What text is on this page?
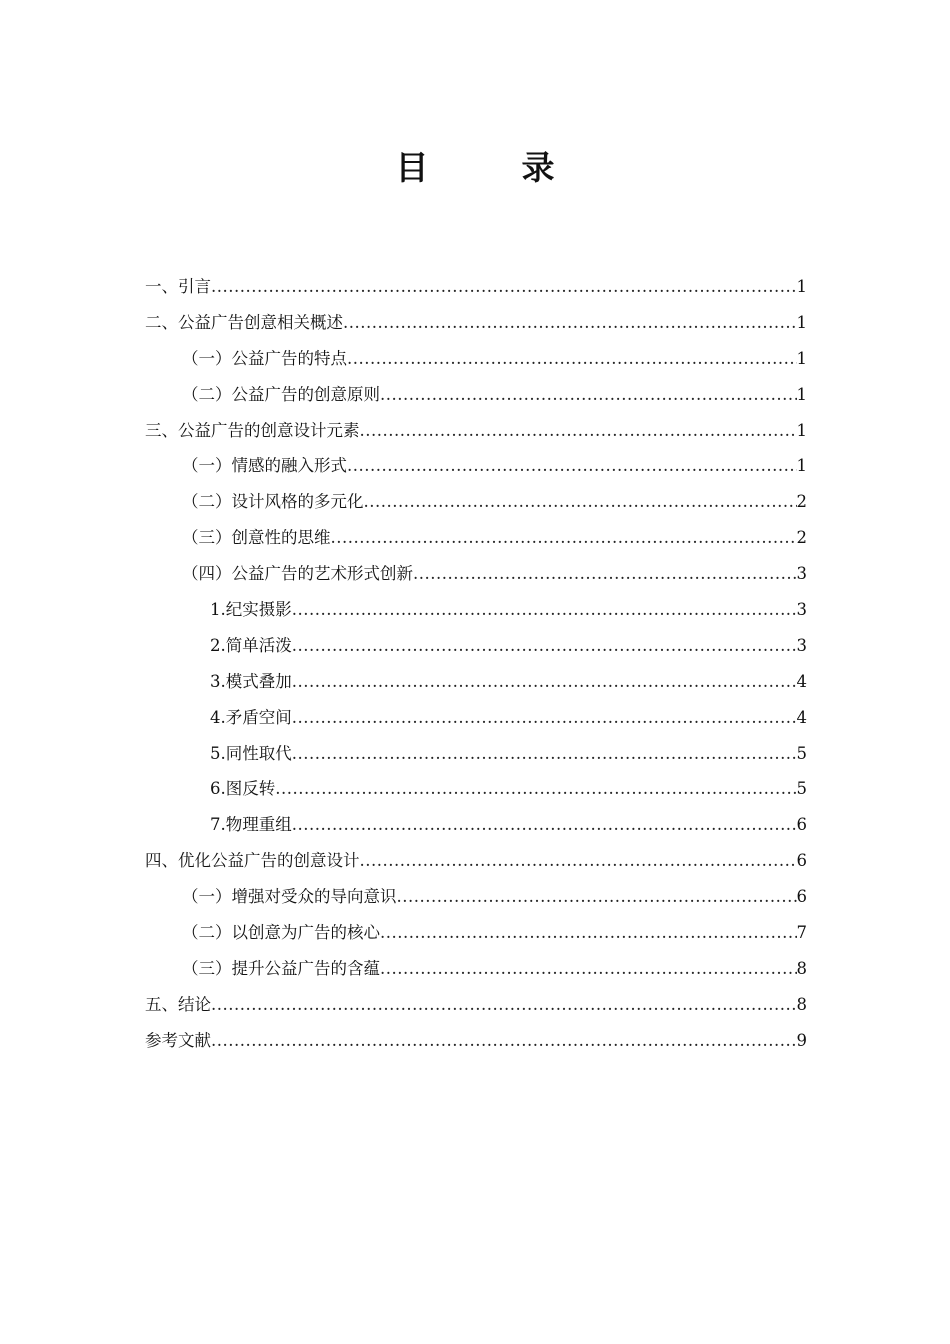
目　录
一、引言 .....	1
二、公益广告创意相关概述 .....	1
（一）公益广告的特点 .....	1
（二）公益广告的创意原则 .....	1
三、公益广告的创意设计元素 .....	1
（一）情感的融入形式 .....	1
（二）设计风格的多元化 .....	2
（三）创意性的思维 .....	2
（四）公益广告的艺术形式创新 .....	3
1.纪实摄影 .....	3
2.简单活泼 .....	3
3.模式叠加 .....	4
4.矛盾空间 .....	4
5.同性取代 .....	5
6.图反转 .....	5
7.物理重组 .....	6
四、优化公益广告的创意设计 .....	6
（一）增强对受众的导向意识 .....	6
（二）以创意为广告的核心 .....	7
（三）提升公益广告的含蕴 .....	8
五、结论 .....	8
参考文献 .....	9
